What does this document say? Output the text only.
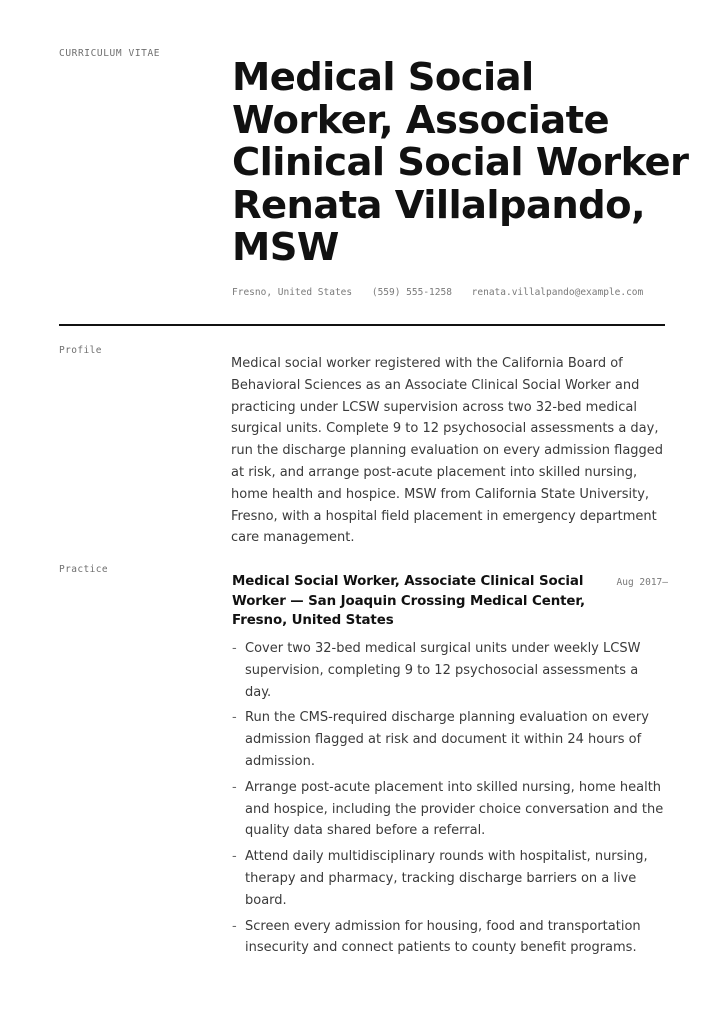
CURRICULUM VITAE
Medical Social Worker, Associate Clinical Social Worker Renata Villalpando, MSW
Fresno, United States (559) 555-1258 renata.villalpando@example.com
Profile

Medical social worker registered with the California Board of Behavioral Sciences as an Associate Clinical Social Worker and practicing under LCSW supervision across two 32-bed medical surgical units. Complete 9 to 12 psychosocial assessments a day, run the discharge planning evaluation on every admission flagged at risk, and arrange post-acute placement into skilled nursing, home health and hospice. MSW from California State University, Fresno, with a hospital field placement in emergency department care management.

Practice

Medical Social Worker, Associate Clinical Social Worker — San Joaquin Crossing Medical Center, Fresno, United States

Aug 2017–
- Cover two 32-bed medical surgical units under weekly LCSW supervision, completing 9 to 12 psychosocial assessments a day.
- Run the CMS-required discharge planning evaluation on every admission flagged at risk and document it within 24 hours of admission.
- Arrange post-acute placement into skilled nursing, home health and hospice, including the provider choice conversation and the quality data shared before a referral.
- Attend daily multidisciplinary rounds with hospitalist, nursing, therapy and pharmacy, tracking discharge barriers on a live board.
- Screen every admission for housing, food and transportation insecurity and connect patients to county benefit programs.
